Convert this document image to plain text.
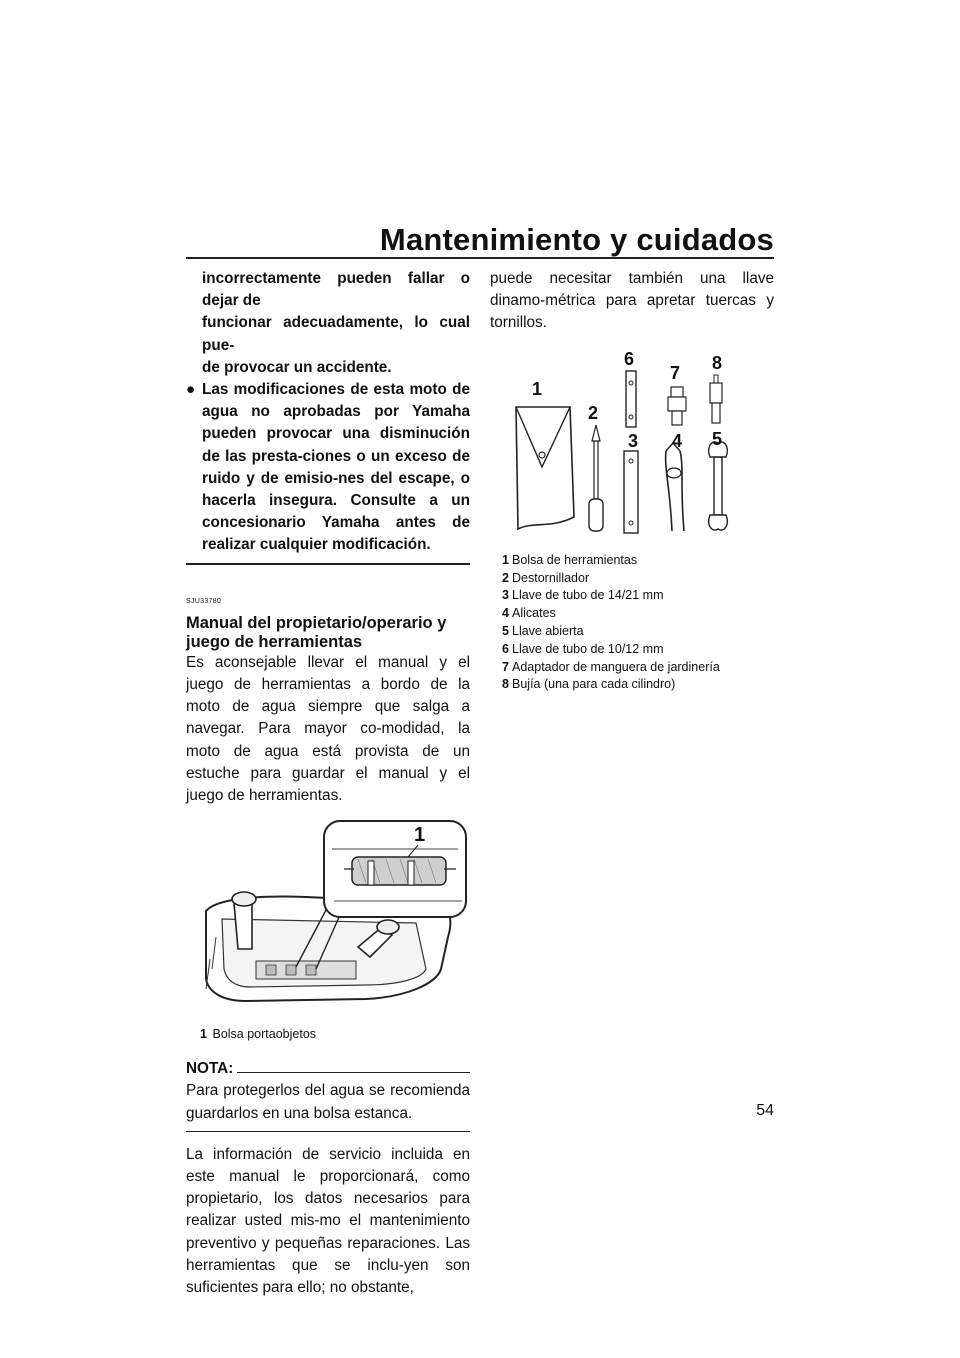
Mantenimiento y cuidados

incorrectamente pueden fallar o dejar de

funcionar adecuadamente, lo cual pue-

de provocar un accidente.

● Las modificaciones de esta moto de agua no aprobadas por Yamaha pueden provocar una disminución de las presta-ciones o un exceso de ruido y de emisio-nes del escape, o hacerla insegura. Consulte a un concesionario Yamaha antes de realizar cualquier modificación.

SJU33780
Manual del propietario/operario y juego de herramientas

Es aconsejable llevar el manual y el juego de herramientas a bordo de la moto de agua siempre que salga a navegar. Para mayor co-modidad, la moto de agua está provista de un estuche para guardar el manual y el juego de herramientas.

1
1 Bolsa portaobjetos
NOTA:

Para protegerlos del agua se recomienda guardarlos en una bolsa estanca.

La información de servicio incluida en este manual le proporcionará, como propietario, los datos necesarios para realizar usted mis-mo el mantenimiento preventivo y pequeñas reparaciones. Las herramientas que se inclu-yen son suficientes para ello; no obstante,

puede necesitar también una llave dinamo-métrica para apretar tuercas y tornillos.

1
2
3 4 5
6
7 8
1 Bolsa de herramientas
2 Destornillador
3 Llave de tubo de 14/21 mm
4 Alicates
5 Llave abierta
6 Llave de tubo de 10/12 mm
7 Adaptador de manguera de jardinería
8 Bujía (una para cada cilindro)
54
